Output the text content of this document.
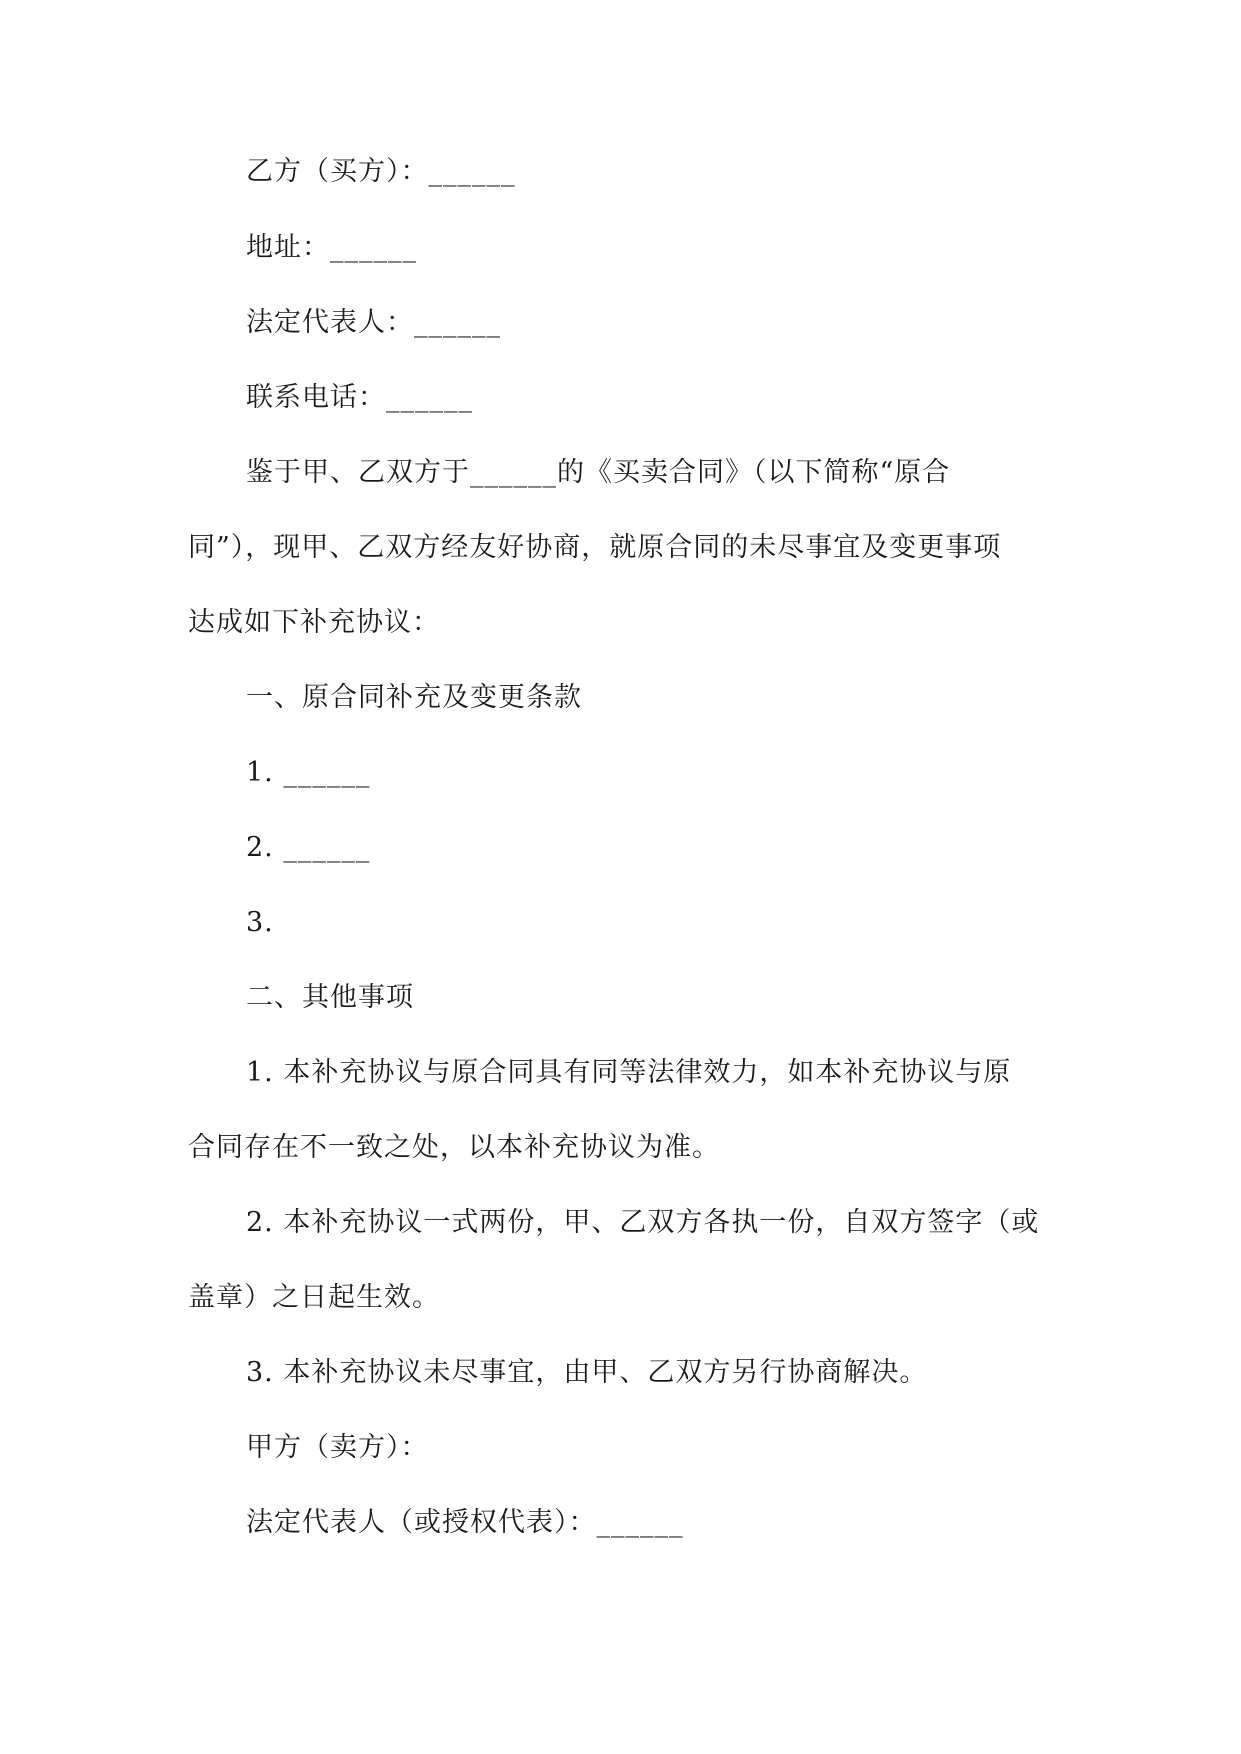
乙方（买方）：______
地址：______
法定代表人：______
联系电话：______
鉴于甲、乙双方于______的《买卖合同》（以下简称“原合
同”），现甲、乙双方经友好协商，就原合同的未尽事宜及变更事项
达成如下补充协议：
一、原合同补充及变更条款
1. ______
2. ______
3.
二、其他事项
1. 本补充协议与原合同具有同等法律效力，如本补充协议与原
合同存在不一致之处，以本补充协议为准。
2. 本补充协议一式两份，甲、乙双方各执一份，自双方签字（或
盖章）之日起生效。
3. 本补充协议未尽事宜，由甲、乙双方另行协商解决。
甲方（卖方）：
法定代表人（或授权代表）：______
